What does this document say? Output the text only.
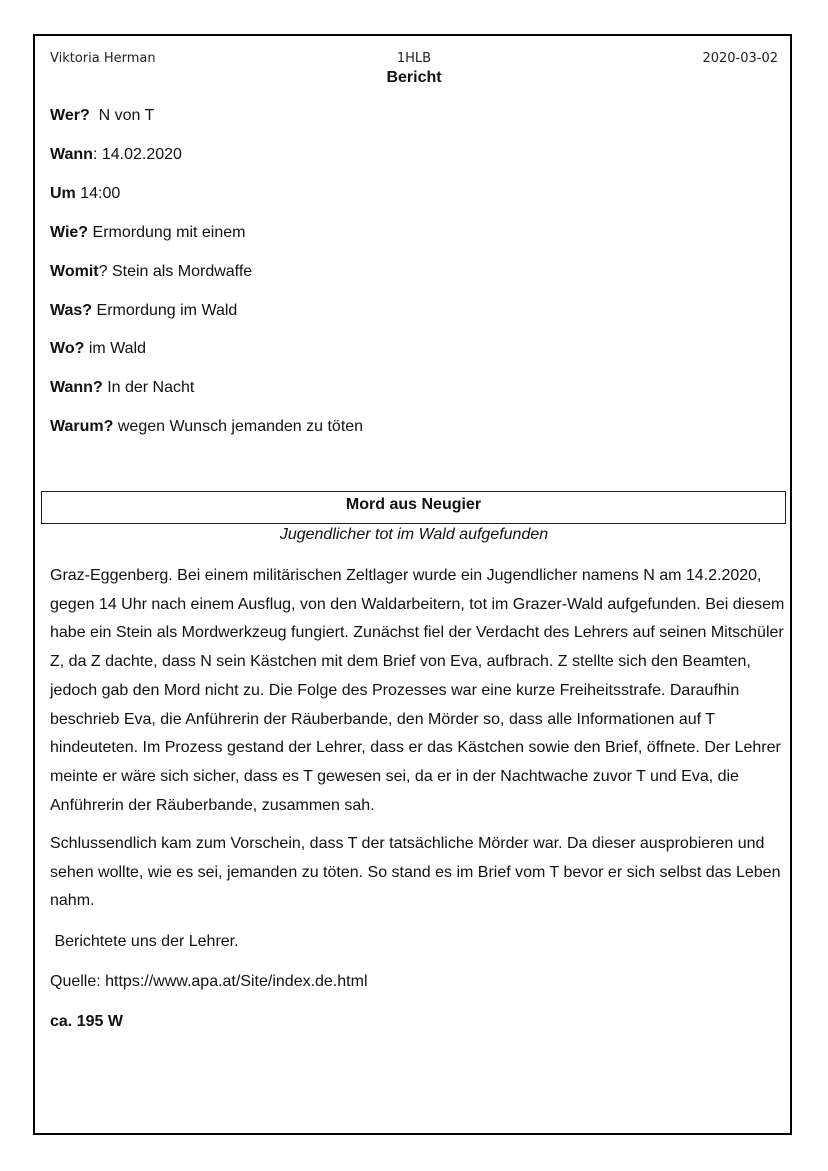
Viktoria Herman	1HLB	2020-03-02
Bericht
Wer?  N von T
Wann: 14.02.2020
Um 14:00
Wie? Ermordung mit einem
Womit? Stein als Mordwaffe
Was? Ermordung im Wald
Wo? im Wald
Wann? In der Nacht
Warum? wegen Wunsch jemanden zu töten
Mord aus Neugier
Jugendlicher tot im Wald aufgefunden
Graz-Eggenberg. Bei einem militärischen Zeltlager wurde ein Jugendlicher namens N am 14.2.2020, gegen 14 Uhr nach einem Ausflug, von den Waldarbeitern, tot im Grazer-Wald aufgefunden. Bei diesem habe ein Stein als Mordwerkzeug fungiert. Zunächst fiel der Verdacht des Lehrers auf seinen Mitschüler Z, da Z dachte, dass N sein Kästchen mit dem Brief von Eva, aufbrach. Z stellte sich den Beamten, jedoch gab den Mord nicht zu. Die Folge des Prozesses war eine kurze Freiheitsstrafe. Daraufhin beschrieb Eva, die Anführerin der Räuberbande, den Mörder so, dass alle Informationen auf T hindeuteten. Im Prozess gestand der Lehrer, dass er das Kästchen sowie den Brief, öffnete. Der Lehrer meinte er wäre sich sicher, dass es T gewesen sei, da er in der Nachtwache zuvor T und Eva, die Anführerin der Räuberbande, zusammen sah.
Schlussendlich kam zum Vorschein, dass T der tatsächliche Mörder war. Da dieser ausprobieren und sehen wollte, wie es sei, jemanden zu töten. So stand es im Brief vom T bevor er sich selbst das Leben nahm.
Berichtete uns der Lehrer.
Quelle: https://www.apa.at/Site/index.de.html
ca. 195 W
